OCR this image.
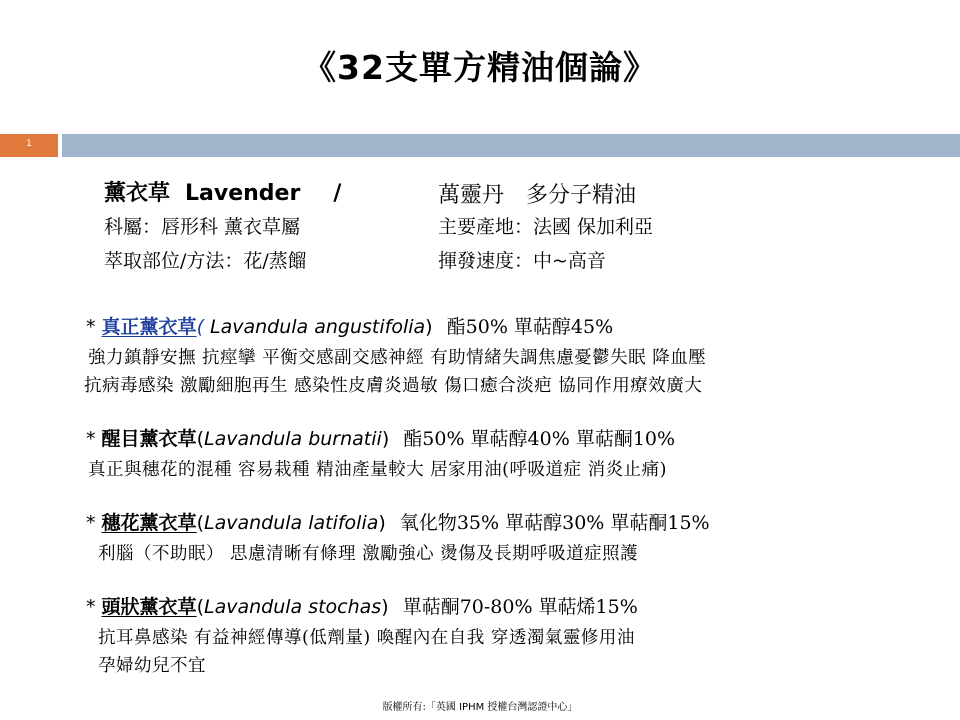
《32支單方精油個論》
1
薰衣草 Lavender /	萬靈丹　多分子精油
科屬：唇形科 薰衣草屬	主要產地：法國 保加利亞
萃取部位/方法：花/蒸餾	揮發速度：中~高音
* 真正薰衣草( Lavandula angustifolia) 酯50% 單萜醇45%
強力鎮靜安撫 抗痙攣 平衡交感副交感神經 有助情緒失調焦慮憂鬱失眠 降血壓
抗病毒感染 激勵細胞再生 感染性皮膚炎過敏 傷口癒合淡疤 協同作用療效廣大
* 醒目薰衣草(Lavandula burnatii) 酯50% 單萜醇40% 單萜酮10%
真正與穗花的混種 容易栽種 精油產量較大 居家用油(呼吸道症 消炎止痛)
* 穗花薰衣草(Lavandula latifolia) 氧化物35% 單萜醇30% 單萜酮15%
利腦（不助眠） 思慮清晰有條理 激勵強心 燙傷及長期呼吸道症照護
* 頭狀薰衣草(Lavandula stochas) 單萜酮70-80% 單萜烯15%
抗耳鼻感染 有益神經傳導(低劑量) 喚醒內在自我 穿透濁氣靈修用油
孕婦幼兒不宜
版權所有:「英國 IPHM 授權台灣認證中心」
